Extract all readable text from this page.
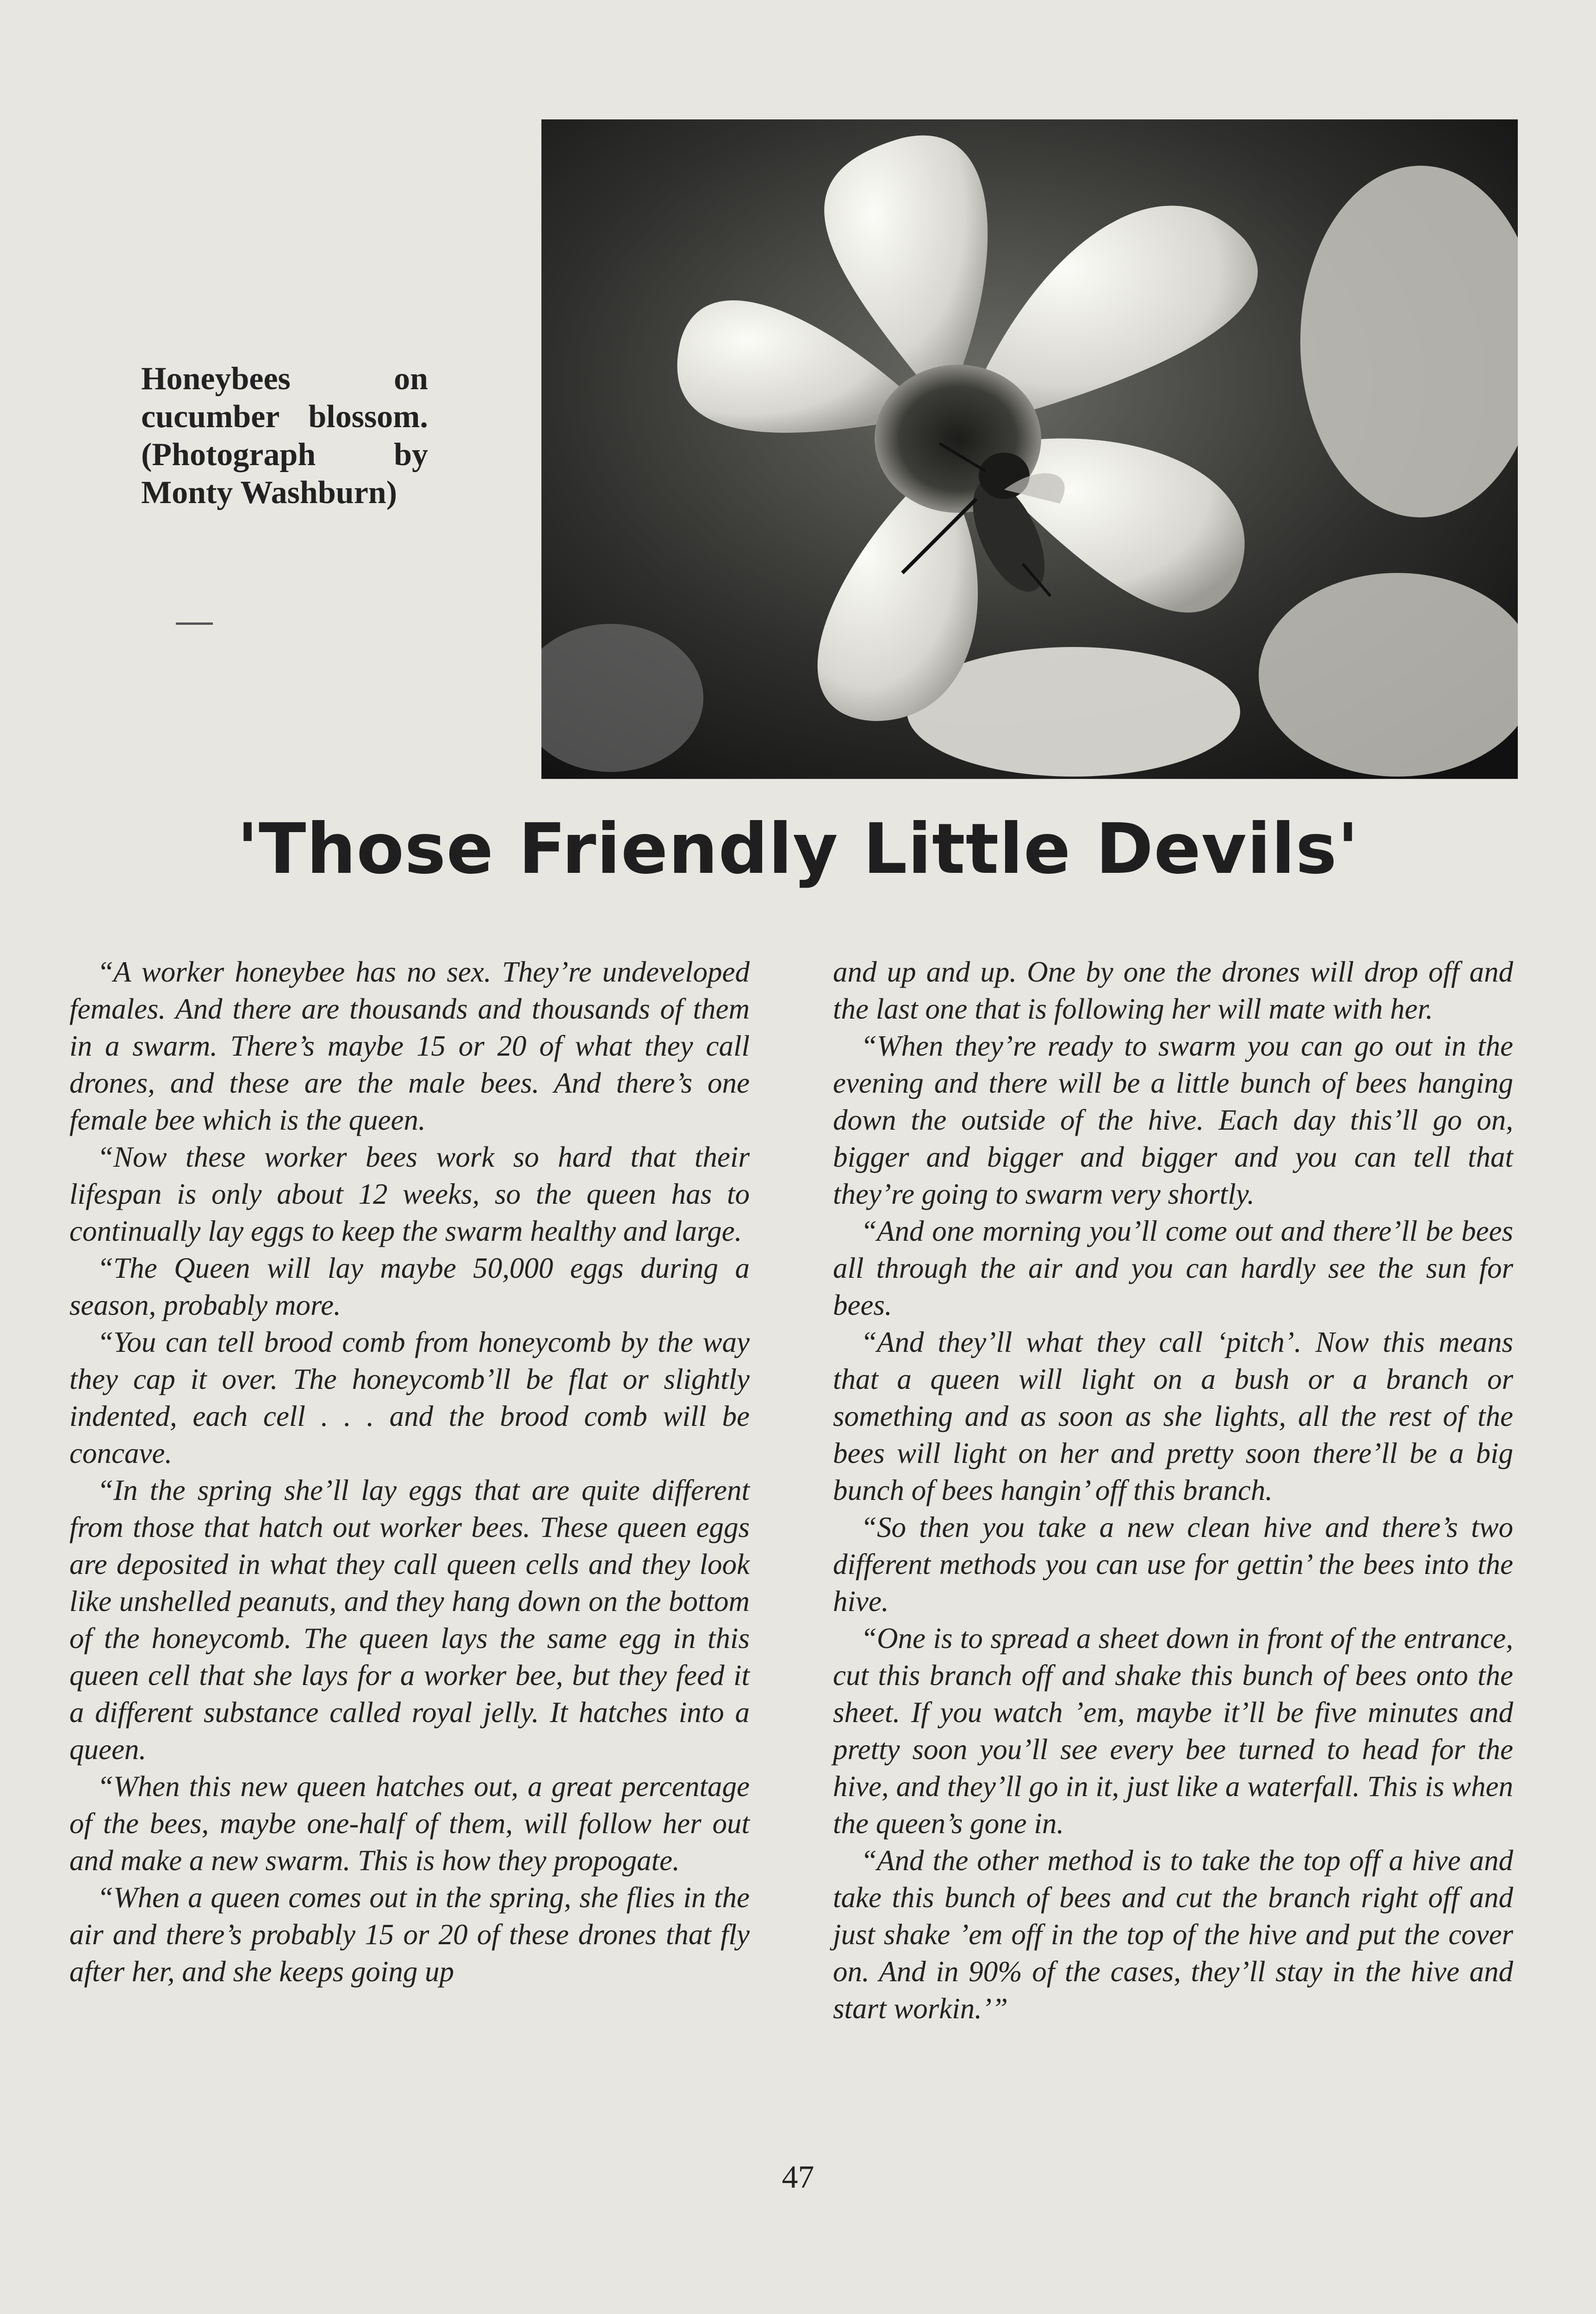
Honeybees	on

cucumber blossom. (Photograph by Monty Washburn)

'Those Friendly Little Devils'

“A worker honeybee has no sex. They’re undeveloped females. And there are thousands and thousands of them in a swarm. There’s maybe 15 or 20 of what they call drones, and these are the male bees. And there’s one female bee which is the queen.

“Now these worker bees work so hard that their lifespan is only about 12 weeks, so the queen has to continually lay eggs to keep the swarm healthy and large.

“The Queen will lay maybe 50,000 eggs during a season, probably more.

“You can tell brood comb from honeycomb by the way they cap it over. The honeycomb’ll be flat or slightly indented, each cell . . . and the brood comb will be concave.

“In the spring she’ll lay eggs that are quite different from those that hatch out worker bees. These queen eggs are deposited in what they call queen cells and they look like unshelled peanuts, and they hang down on the bottom of the honeycomb. The queen lays the same egg in this queen cell that she lays for a worker bee, but they feed it a different substance called royal jelly. It hatches into a queen.

“When this new queen hatches out, a great percentage of the bees, maybe one-half of them, will follow her out and make a new swarm. This is how they propogate.

“When a queen comes out in the spring, she flies in the air and there’s probably 15 or 20 of these drones that fly after her, and she keeps going up

and up and up. One by one the drones will drop off and the last one that is following her will mate with her.

“When they’re ready to swarm you can go out in the evening and there will be a little bunch of bees hanging down the outside of the hive. Each day this’ll go on, bigger and bigger and bigger and you can tell that they’re going to swarm very shortly.

“And one morning you’ll come out and there’ll be bees all through the air and you can hardly see the sun for bees.

“And they’ll what they call ‘pitch’. Now this means that a queen will light on a bush or a branch or something and as soon as she lights, all the rest of the bees will light on her and pretty soon there’ll be a big bunch of bees hangin’ off this branch.

“So then you take a new clean hive and there’s two different methods you can use for gettin’ the bees into the hive.

“One is to spread a sheet down in front of the entrance, cut this branch off and shake this bunch of bees onto the sheet. If you watch ’em, maybe it’ll be five minutes and pretty soon you’ll see every bee turned to head for the hive, and they’ll go in it, just like a waterfall. This is when the queen’s gone in.

“And the other method is to take the top off a hive and take this bunch of bees and cut the branch right off and just shake ’em off in the top of the hive and put the cover on. And in 90% of the cases, they’ll stay in the hive and start workin.’”

47
